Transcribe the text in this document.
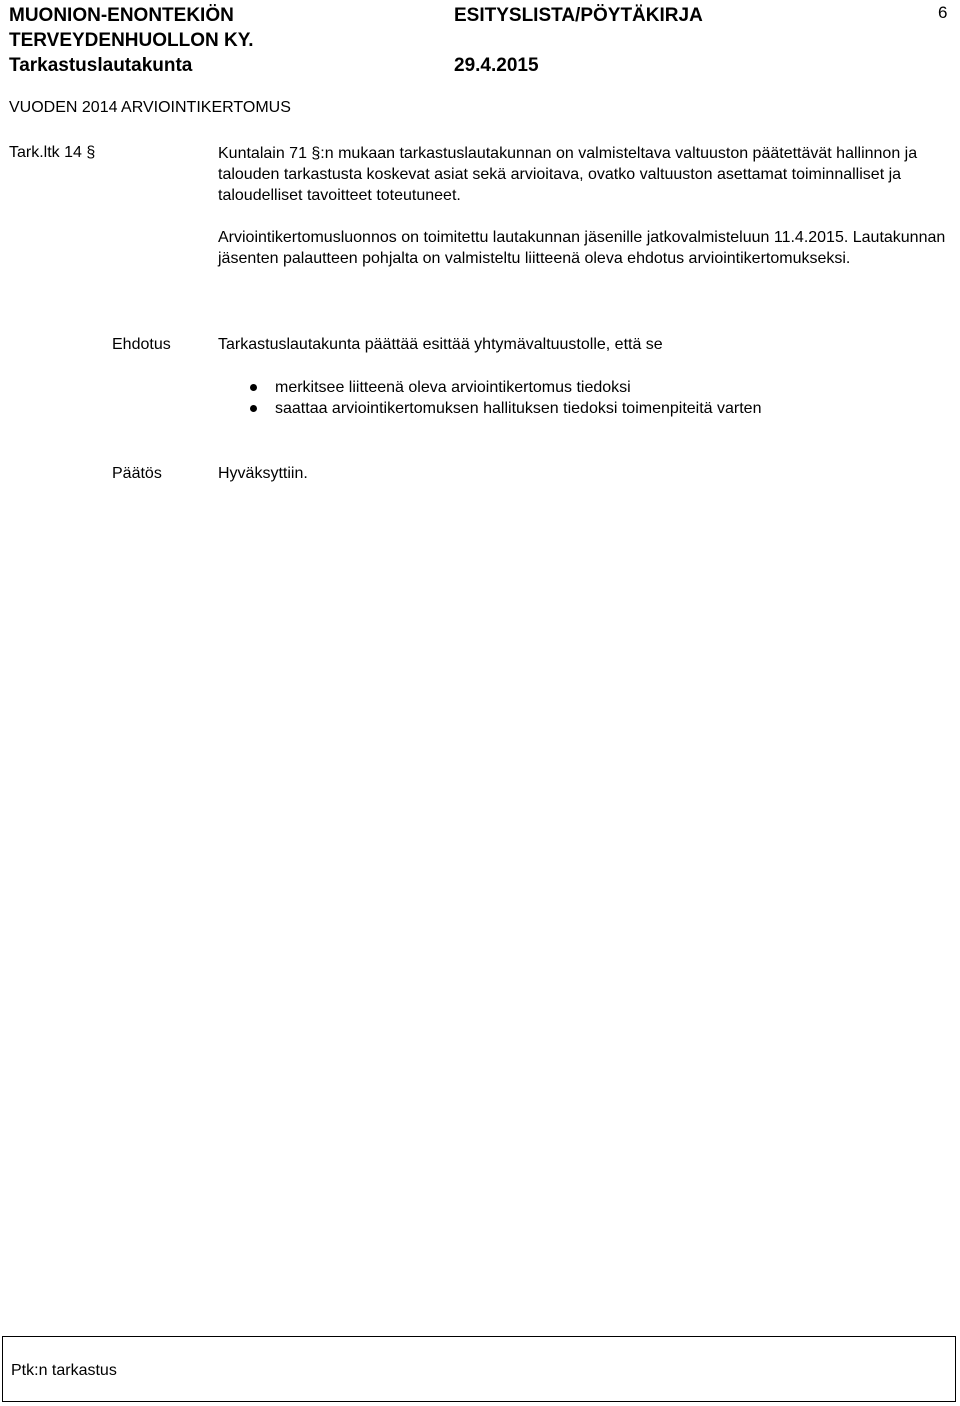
MUONION-ENONTEKIÖN
TERVEYDENHUOLLON KY.
Tarkastuslautakunta
ESITYSLISTA/PÖYTÄKIRJA
29.4.2015
6
VUODEN 2014 ARVIOINTIKERTOMUS
Tark.ltk 14 §	Kuntalain 71 §:n mukaan tarkastuslautakunnan on valmisteltava valtuuston päätettävät hallinnon ja talouden tarkastusta koskevat asiat sekä arvioitava, ovatko valtuuston asettamat toiminnalliset ja taloudelliset tavoitteet toteutuneet.
Arviointikertomusluonnos on toimitettu lautakunnan jäsenille jatkovalmisteluun 11.4.2015. Lautakunnan jäsenten palautteen pohjalta on valmisteltu liitteenä oleva ehdotus arviointikertomukseksi.
Ehdotus	Tarkastuslautakunta päättää esittää yhtymävaltuustolle, että se
merkitsee liitteenä oleva arviointikertomus tiedoksi
saattaa arviointikertomuksen hallituksen tiedoksi toimenpiteitä varten
Päätös	Hyväksyttiin.
Ptk:n tarkastus
